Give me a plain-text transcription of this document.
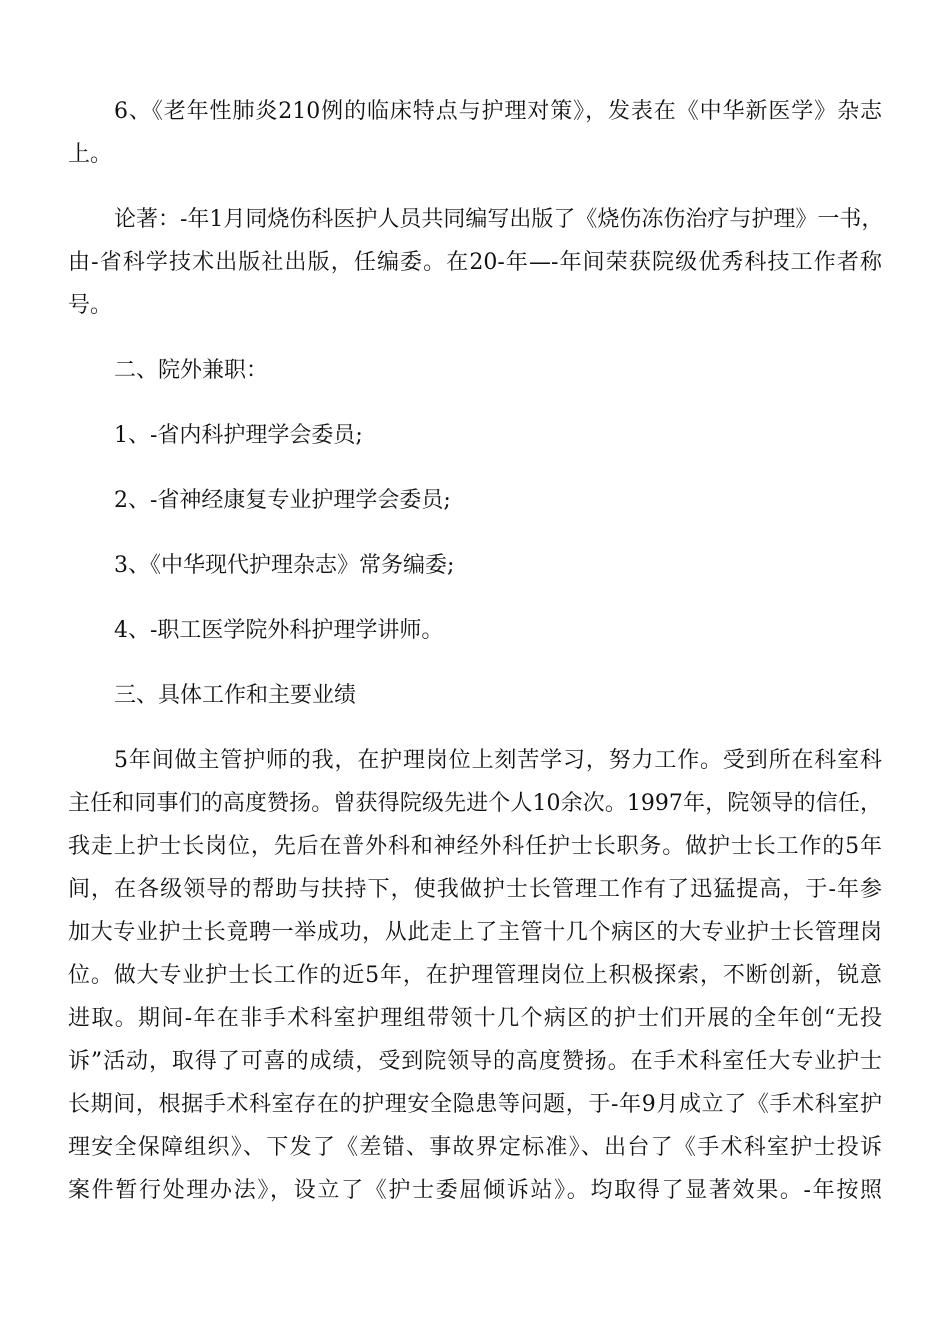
6、《老年性肺炎210例的临床特点与护理对策》，发表在《中华新医学》杂志
上。
论著：-年1月同烧伤科医护人员共同编写出版了《烧伤冻伤治疗与护理》一书，
由-省科学技术出版社出版，任编委。在20-年—-年间荣获院级优秀科技工作者称
号。
二、院外兼职：
1、-省内科护理学会委员;
2、-省神经康复专业护理学会委员;
3、《中华现代护理杂志》常务编委;
4、-职工医学院外科护理学讲师。
三、具体工作和主要业绩
5年间做主管护师的我，在护理岗位上刻苦学习，努力工作。受到所在科室科
主任和同事们的高度赞扬。曾获得院级先进个人10余次。1997年，院领导的信任，
我走上护士长岗位，先后在普外科和神经外科任护士长职务。做护士长工作的5年
间，在各级领导的帮助与扶持下，使我做护士长管理工作有了迅猛提高，于-年参
加大专业护士长竟聘一举成功，从此走上了主管十几个病区的大专业护士长管理岗
位。做大专业护士长工作的近5年，在护理管理岗位上积极探索，不断创新，锐意
进取。期间-年在非手术科室护理组带领十几个病区的护士们开展的全年创“无投
诉”活动，取得了可喜的成绩，受到院领导的高度赞扬。在手术科室任大专业护士
长期间，根据手术科室存在的护理安全隐患等问题，于-年9月成立了《手术科室护
理安全保障组织》、下发了《差错、事故界定标准》、出台了《手术科室护士投诉
案件暂行处理办法》，设立了《护士委屈倾诉站》。均取得了显著效果。-年按照
